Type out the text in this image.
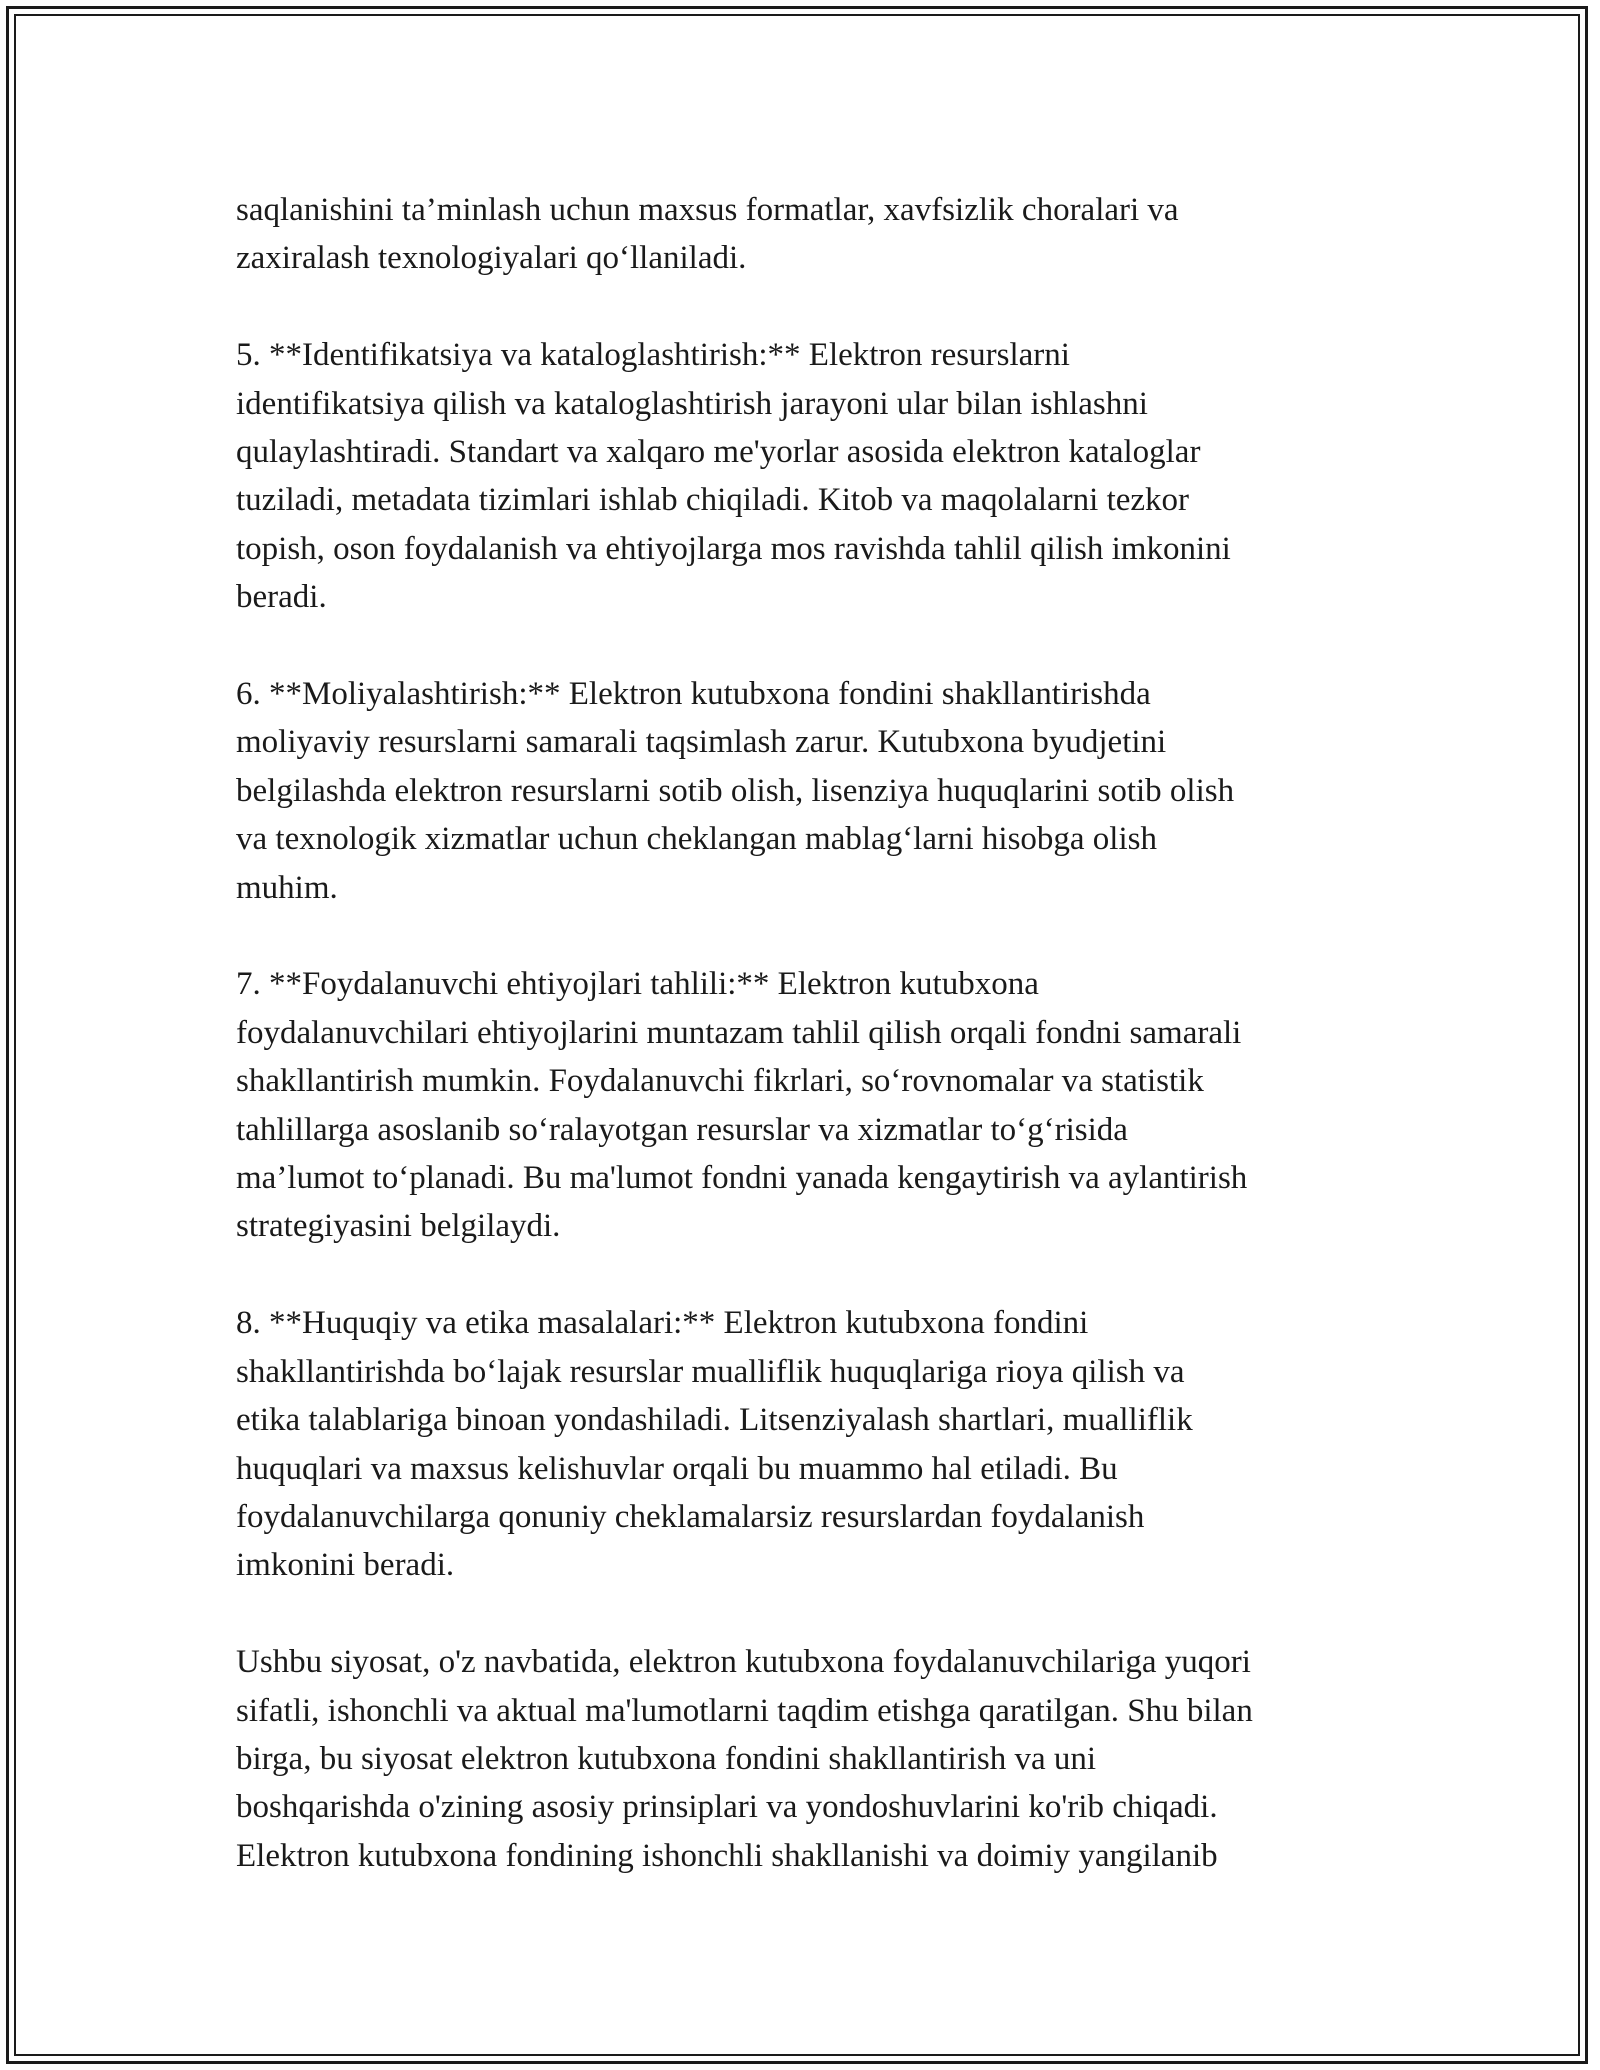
saqlanishini ta’minlash uchun maxsus formatlar, xavfsizlik choralari va
zaxiralash texnologiyalari qo‘llaniladi.

5. **Identifikatsiya va kataloglashtirish:** Elektron resurslarni
identifikatsiya qilish va kataloglashtirish jarayoni ular bilan ishlashni
qulaylashtiradi. Standart va xalqaro me'yorlar asosida elektron kataloglar
tuziladi, metadata tizimlari ishlab chiqiladi. Kitob va maqolalarni tezkor
topish, oson foydalanish va ehtiyojlarga mos ravishda tahlil qilish imkonini
beradi.

6. **Moliyalashtirish:** Elektron kutubxona fondini shakllantirishda
moliyaviy resurslarni samarali taqsimlash zarur. Kutubxona byudjetini
belgilashda elektron resurslarni sotib olish, lisenziya huquqlarini sotib olish
va texnologik xizmatlar uchun cheklangan mablag‘larni hisobga olish
muhim.

7. **Foydalanuvchi ehtiyojlari tahlili:** Elektron kutubxona
foydalanuvchilari ehtiyojlarini muntazam tahlil qilish orqali fondni samarali
shakllantirish mumkin. Foydalanuvchi fikrlari, so‘rovnomalar va statistik
tahlillarga asoslanib so‘ralayotgan resurslar va xizmatlar to‘g‘risida
ma’lumot to‘planadi. Bu ma'lumot fondni yanada kengaytirish va aylantirish
strategiyasini belgilaydi.

8. **Huquqiy va etika masalalari:** Elektron kutubxona fondini
shakllantirishda bo‘lajak resurslar mualliflik huquqlariga rioya qilish va
etika talablariga binoan yondashiladi. Litsenziyalash shartlari, mualliflik
huquqlari va maxsus kelishuvlar orqali bu muammo hal etiladi. Bu
foydalanuvchilarga qonuniy cheklamalarsiz resurslardan foydalanish
imkonini beradi.

Ushbu siyosat, o'z navbatida, elektron kutubxona foydalanuvchilariga yuqori
sifatli, ishonchli va aktual ma'lumotlarni taqdim etishga qaratilgan. Shu bilan
birga, bu siyosat elektron kutubxona fondini shakllantirish va uni
boshqarishda o'zining asosiy prinsiplari va yondoshuvlarini ko'rib chiqadi.
Elektron kutubxona fondining ishonchli shakllanishi va doimiy yangilanib
